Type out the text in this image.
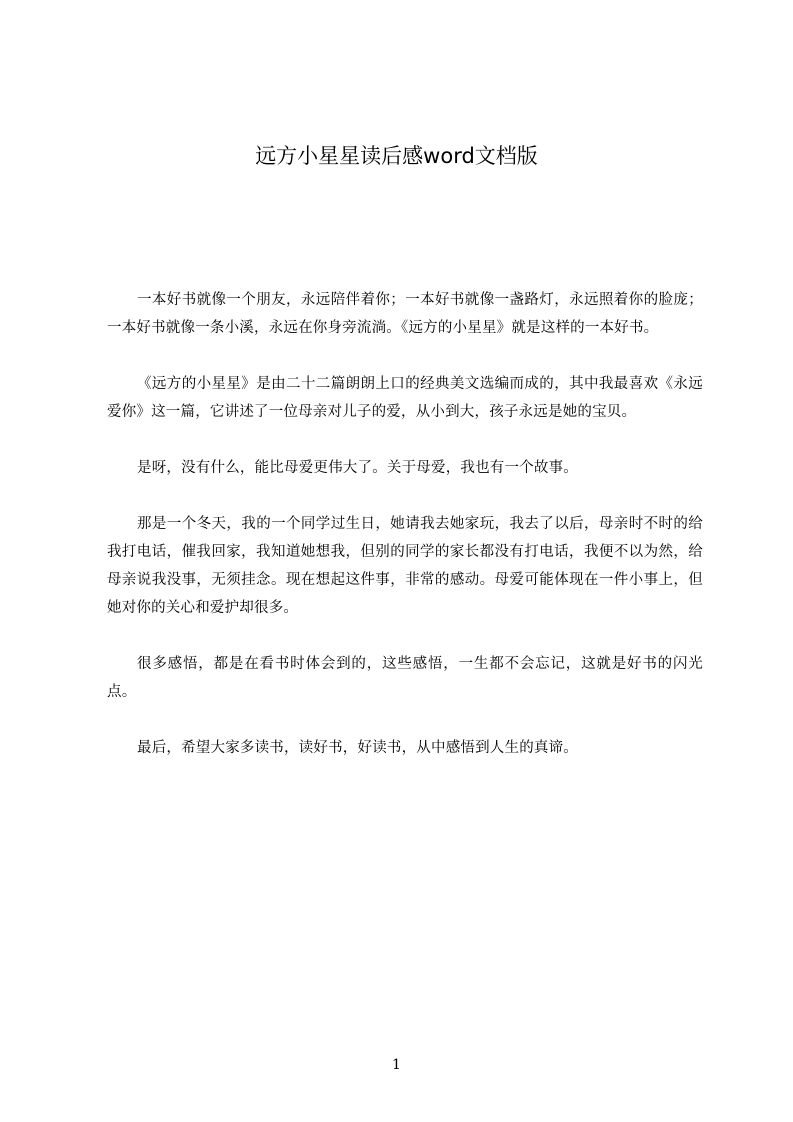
远方小星星读后感word文档版

一本好书就像一个朋友，永远陪伴着你；一本好书就像一盏路灯，永远照着你的脸庞；一本好书就像一条小溪，永远在你身旁流淌。《远方的小星星》就是这样的一本好书。

《远方的小星星》是由二十二篇朗朗上口的经典美文选编而成的，其中我最喜欢《永远爱你》这一篇，它讲述了一位母亲对儿子的爱，从小到大，孩子永远是她的宝贝。

是呀，没有什么，能比母爱更伟大了。关于母爱，我也有一个故事。

那是一个冬天，我的一个同学过生日，她请我去她家玩，我去了以后，母亲时不时的给我打电话，催我回家，我知道她想我，但别的同学的家长都没有打电话，我便不以为然，给母亲说我没事，无须挂念。现在想起这件事，非常的感动。母爱可能体现在一件小事上，但她对你的关心和爱护却很多。

很多感悟，都是在看书时体会到的，这些感悟，一生都不会忘记，这就是好书的闪光点。

最后，希望大家多读书，读好书，好读书，从中感悟到人生的真谛。

1
